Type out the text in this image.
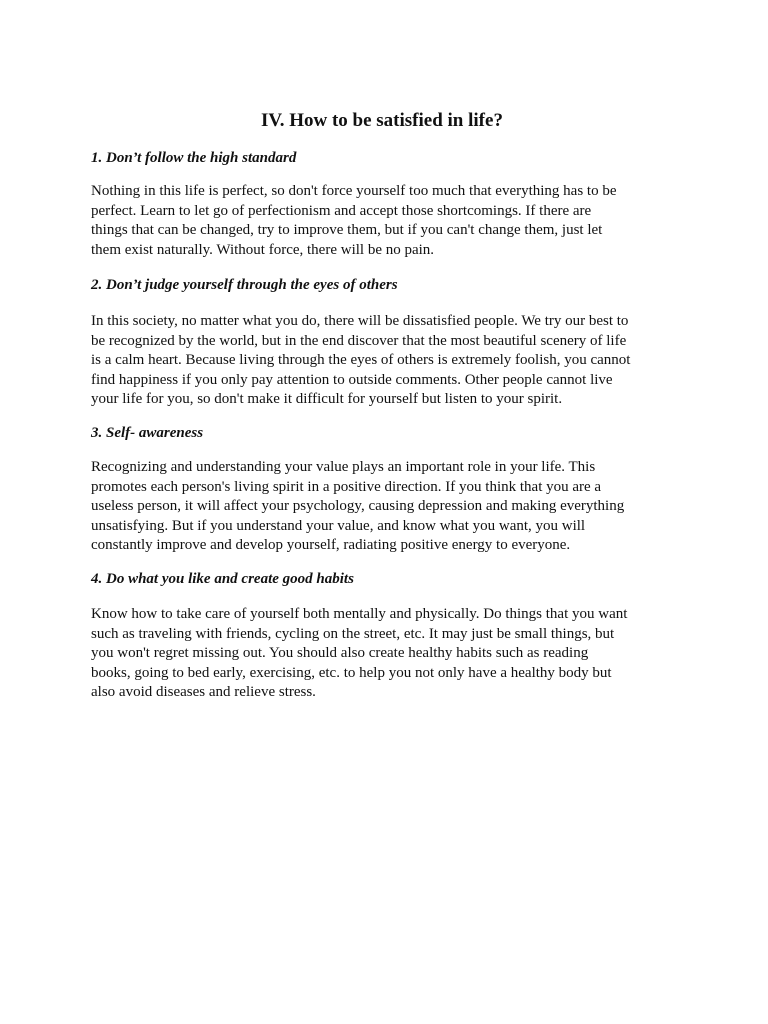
IV. How to be satisfied in life?
1. Don’t follow the high standard

Nothing in this life is perfect, so don't force yourself too much that everything has to be
perfect. Learn to let go of perfectionism and accept those shortcomings. If there are
things that can be changed, try to improve them, but if you can't change them, just let
them exist naturally. Without force, there will be no pain.

2. Don’t judge yourself through the eyes of others

In this society, no matter what you do, there will be dissatisfied people. We try our best to
be recognized by the world, but in the end discover that the most beautiful scenery of life
is a calm heart. Because living through the eyes of others is extremely foolish, you cannot
find happiness if you only pay attention to outside comments. Other people cannot live
your life for you, so don't make it difficult for yourself but listen to your spirit.

3. Self- awareness

Recognizing and understanding your value plays an important role in your life. This
promotes each person's living spirit in a positive direction. If you think that you are a
useless person, it will affect your psychology, causing depression and making everything
unsatisfying. But if you understand your value, and know what you want, you will
constantly improve and develop yourself, radiating positive energy to everyone.

4. Do what you like and create good habits

Know how to take care of yourself both mentally and physically. Do things that you want
such as traveling with friends, cycling on the street, etc. It may just be small things, but
you won't regret missing out. You should also create healthy habits such as reading
books, going to bed early, exercising, etc. to help you not only have a healthy body but
also avoid diseases and relieve stress.
